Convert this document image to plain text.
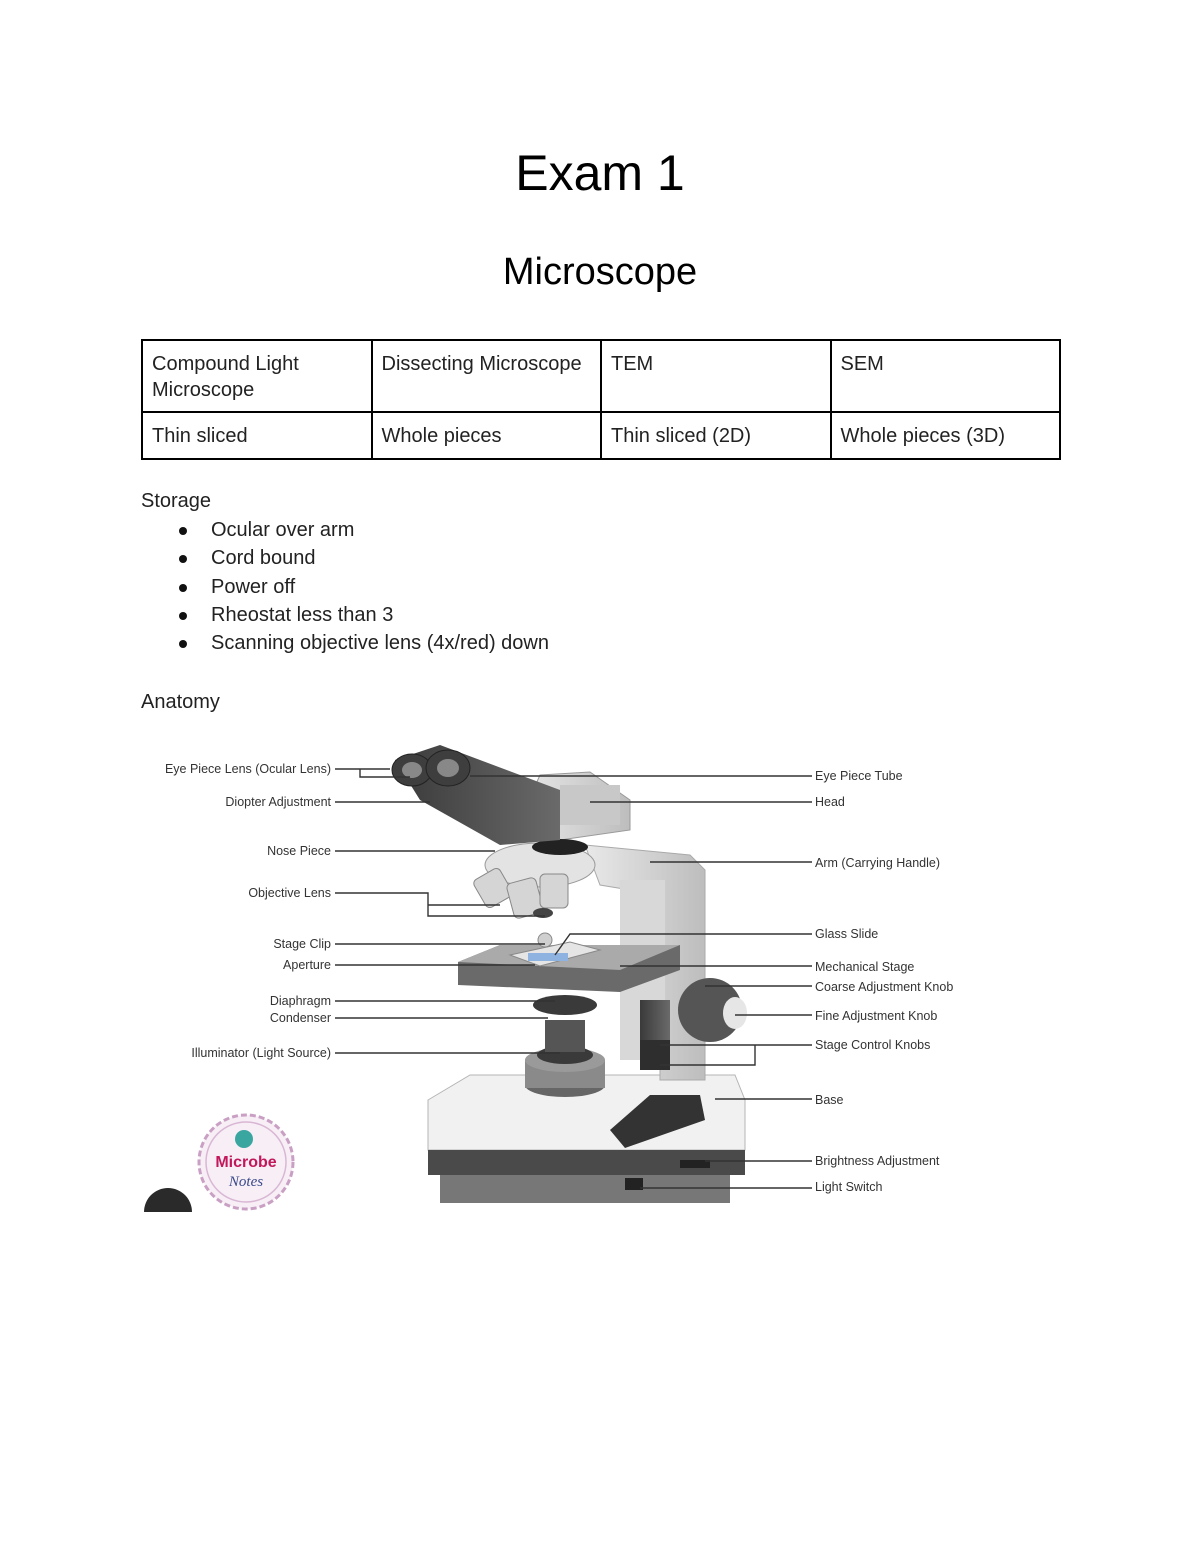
Exam 1
Microscope
Compound Light Microscope	Dissecting Microscope	TEM	SEM
Thin sliced	Whole pieces	Thin sliced (2D)	Whole pieces (3D)
Storage
Ocular over arm
Cord bound
Power off
Rheostat less than 3
Scanning objective lens (4x/red) down
Anatomy
Eye Piece Lens (Ocular Lens)
Diopter Adjustment
Nose Piece
Objective Lens
Stage Clip
Aperture
Diaphragm
Condenser
Illuminator (Light Source)
Eye Piece Tube
Head
Arm (Carrying Handle)
Glass Slide
Mechanical Stage
Coarse Adjustment Knob
Fine Adjustment Knob
Stage Control Knobs
Base
Brightness Adjustment
Light Switch
Microbe
Notes
